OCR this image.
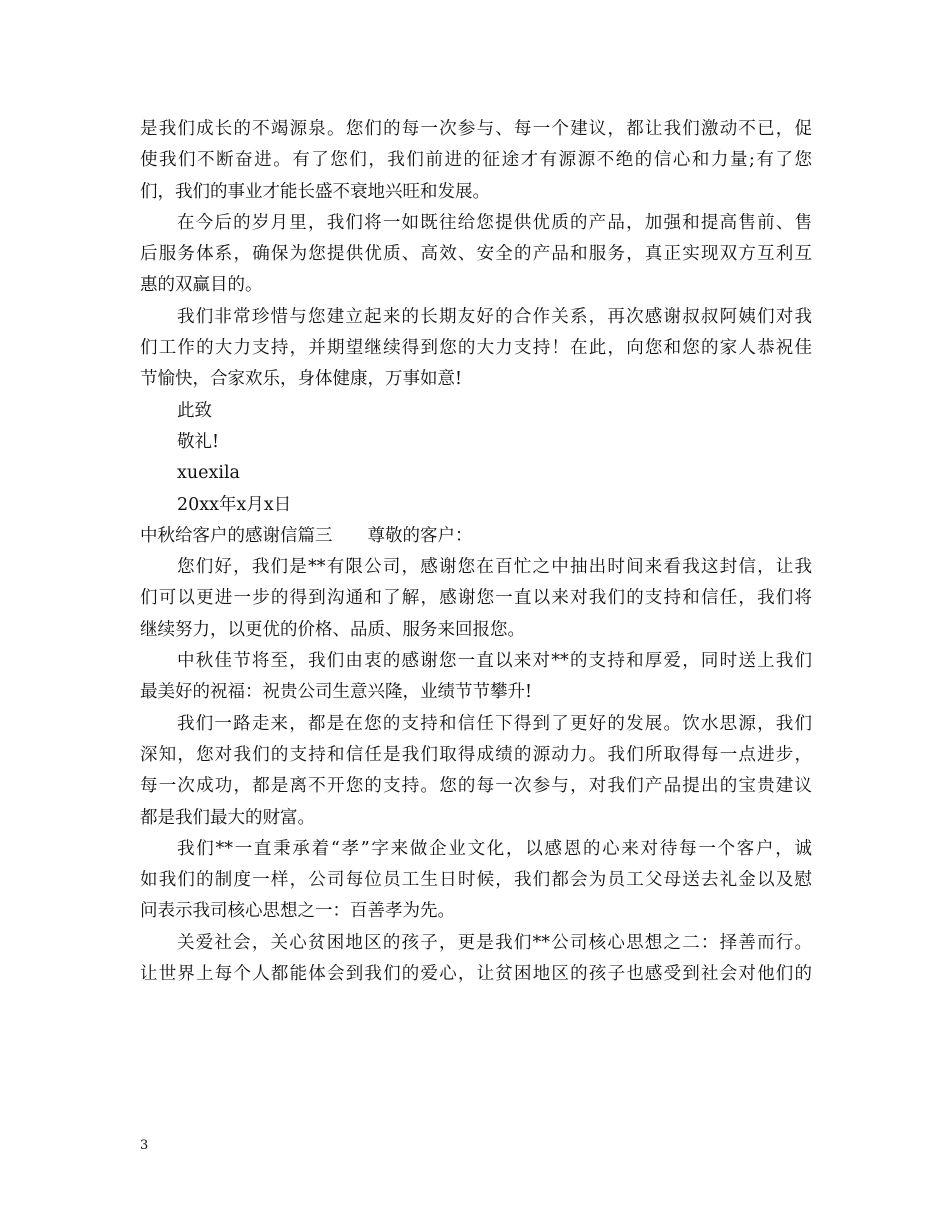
是我们成长的不竭源泉。您们的每一次参与、每一个建议，都让我们激动不已，促
使我们不断奋进。有了您们，我们前进的征途才有源源不绝的信心和力量;有了您
们，我们的事业才能长盛不衰地兴旺和发展。
在今后的岁月里，我们将一如既往给您提供优质的产品，加强和提高售前、售
后服务体系，确保为您提供优质、高效、安全的产品和服务，真正实现双方互利互
惠的双赢目的。
我们非常珍惜与您建立起来的长期友好的合作关系，再次感谢叔叔阿姨们对我
们工作的大力支持，并期望继续得到您的大力支持！在此，向您和您的家人恭祝佳
节愉快，合家欢乐，身体健康，万事如意!
此致
敬礼!
xuexila
20xx年x月x日
中秋给客户的感谢信篇三　　尊敬的客户：
您们好，我们是**有限公司，感谢您在百忙之中抽出时间来看我这封信，让我
们可以更进一步的得到沟通和了解，感谢您一直以来对我们的支持和信任，我们将
继续努力，以更优的价格、品质、服务来回报您。
中秋佳节将至，我们由衷的感谢您一直以来对**的支持和厚爱，同时送上我们
最美好的祝福：祝贵公司生意兴隆，业绩节节攀升!
我们一路走来，都是在您的支持和信任下得到了更好的发展。饮水思源，我们
深知，您对我们的支持和信任是我们取得成绩的源动力。我们所取得每一点进步，
每一次成功，都是离不开您的支持。您的每一次参与，对我们产品提出的宝贵建议
都是我们最大的财富。
我们**一直秉承着“孝”字来做企业文化，以感恩的心来对待每一个客户，诚
如我们的制度一样，公司每位员工生日时候，我们都会为员工父母送去礼金以及慰
问表示我司核心思想之一：百善孝为先。
关爱社会，关心贫困地区的孩子，更是我们**公司核心思想之二：择善而行。
让世界上每个人都能体会到我们的爱心，让贫困地区的孩子也感受到社会对他们的
3
